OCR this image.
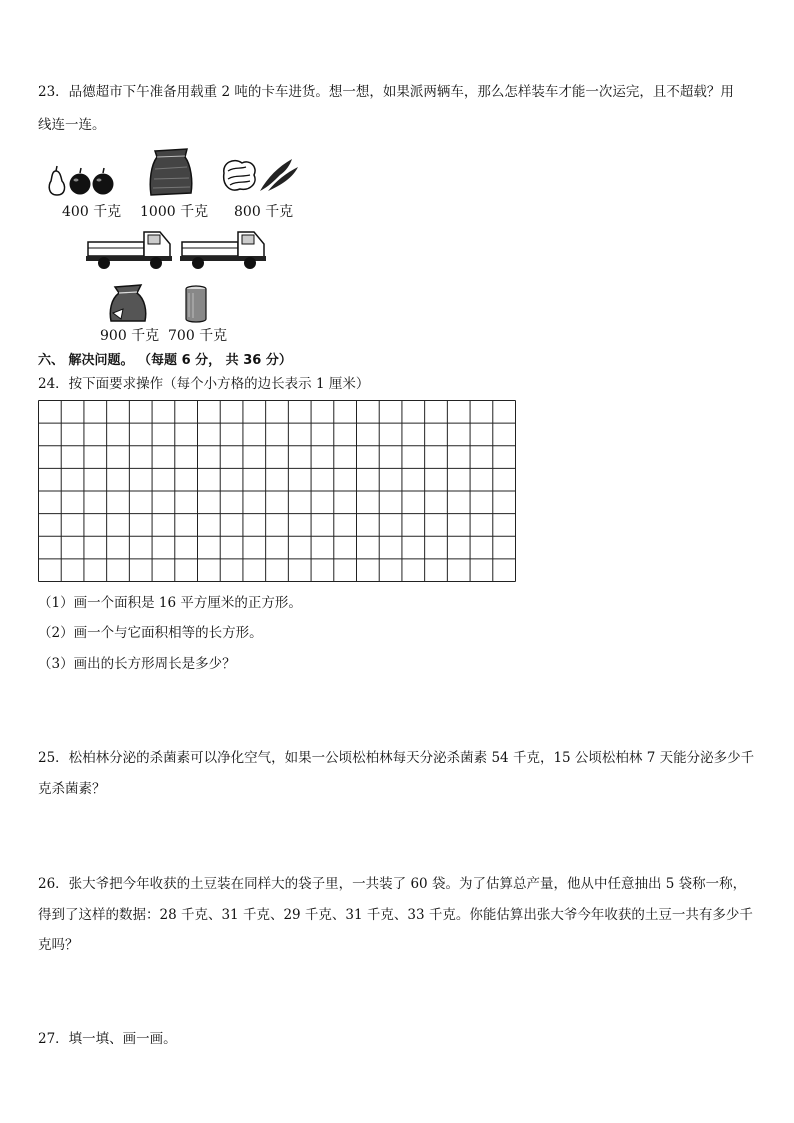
23．品德超市下午准备用载重 2 吨的卡车进货。想一想，如果派两辆车，那么怎样装车才能一次运完，且不超载？用
线连一连。
400 千克 1000 千克 800 千克
900 千克 700 千克
六、 解决问题。 （每题 6 分， 共 36 分）
24．按下面要求操作（每个小方格的边长表示 1 厘米）
（1）画一个面积是 16 平方厘米的正方形。
（2）画一个与它面积相等的长方形。
（3）画出的长方形周长是多少？
25．松柏林分泌的杀菌素可以净化空气，如果一公顷松柏林每天分泌杀菌素 54 千克，15 公顷松柏林 7 天能分泌多少千
克杀菌素？
26．张大爷把今年收获的土豆装在同样大的袋子里，一共装了 60 袋。为了估算总产量，他从中任意抽出 5 袋称一称，
得到了这样的数据：28 千克、31 千克、29 千克、31 千克、33 千克。你能估算出张大爷今年收获的土豆一共有多少千
克吗？
27．填一填、画一画。
